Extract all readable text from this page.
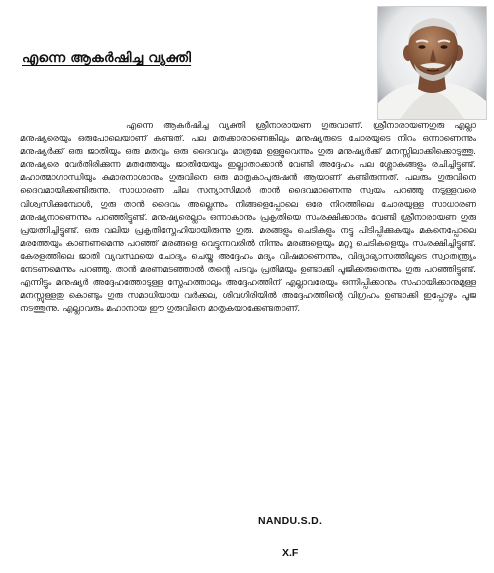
എന്നെ ആകർഷിച്ച വ്യക്തി

എന്നെ ആകർഷിച്ച വ്യക്തി ശ്രീനാരായണ ഗുരുവാണ്. ശ്രീനാരായണഗുരു എല്ലാ മനുഷ്യരെയും ഒരുപോലെയാണ് കണ്ടത്. പല മതക്കാരാണെങ്കിലും മനുഷ്യരുടെ ചോരയുടെ നിറം ഒന്നാണെന്നും മനുഷ്യർക്ക് ഒരു ജാതിയും ഒരു മതവും ഒരു ദൈവവും മാത്രമേ ഉള്ളുവെന്നും ഗുരു മനുഷ്യർക്ക് മനസ്സിലാക്കിക്കൊടുത്തു. മനുഷ്യരെ വേർതിരിക്കുന്ന മതത്തേയും ജാതിയേയും ഇല്ലാതാക്കാൻ വേണ്ടി അദ്ദേഹം പല ശ്ലോകങ്ങളും രചിച്ചിട്ടുണ്ട്. മഹാത്മാഗാന്ധിയും കുമാരനാശാനും ഗുരുവിനെ ഒരു മാതൃകാപുരുഷൻ ആയാണ് കണ്ടിരുന്നത്. പലരും ഗുരുവിനെ ദൈവമായിക്കണ്ടിരുന്നു. സാധാരണ ചില സന്യാസിമാർ താൻ ദൈവമാണെന്നു സ്വയം പറഞ്ഞു നടുള്ളവരെ വിശ്വസിക്കുമ്പോൾ, ഗുരു താൻ ദൈവം അല്ലെന്നും നിങ്ങളെപ്പോലെ ഒരേ നിറത്തിലെ ചോരയുള്ള സാധാരണ മനുഷ്യനാണെന്നും പറഞ്ഞിട്ടുണ്ട്. മനുഷ്യരെല്ലാം ഒന്നാകാനും പ്രകൃതിയെ സംരക്ഷിക്കാനും വേണ്ടി ശ്രീനാരായണ ഗുരു പ്രയത്നിച്ചിട്ടുണ്ട്. ഒരു വലിയ പ്രകൃതിസ്നേഹിയായിരുന്നു ഗുരു. മരങ്ങളും ചെടികളും നട്ടു പിടിപ്പിക്കുകയും മകനെപ്പോലെ മരത്തേയും കാണണമെന്നു പറഞ്ഞ് മരങ്ങളെ വെട്ടുന്നവരിൽ നിന്നും മരങ്ങളെയും മറ്റു ചെടികളെയും സംരക്ഷിച്ചിട്ടുണ്ട്. കേരളത്തിലെ ജാതി വ്യവസ്ഥയെ ചോദ്യം ചെയ്ത അദ്ദേഹം മദ്യം വിഷമാണെന്നും, വിദ്യാഭ്യാസത്തിലൂടെ സ്വാതന്ത്ര്യം നേടണമെന്നും പറഞ്ഞു. താൻ മരണമടഞ്ഞാൽ തന്റെ പടവും പ്രതിമയും ഉണ്ടാക്കി പൂജിക്കരുതെന്നും ഗുരു പറഞ്ഞിട്ടുണ്ട്. എന്നിട്ടും മനുഷ്യർ അദ്ദേഹത്തോടുള്ള സ്നേഹത്താലും അദ്ദേഹത്തിന് എല്ലാവരേയും ഒന്നിപ്പിക്കാനും സഹായിക്കാനുമുള്ള മനസ്സുള്ളതു കൊണ്ടും ഗുരു സമാധിയായ വർക്കല, ശിവഗിരിയിൽ അദ്ദേഹത്തിന്റെ വിഗ്രഹം ഉണ്ടാക്കി ഇപ്പോഴും പൂജ നടത്തുന്നു. എല്ലാവരും മഹാനായ ഈ ഗുരുവിനെ മാതൃകയാക്കേണ്ടതാണ്.

NANDU.S.D.
X.F
